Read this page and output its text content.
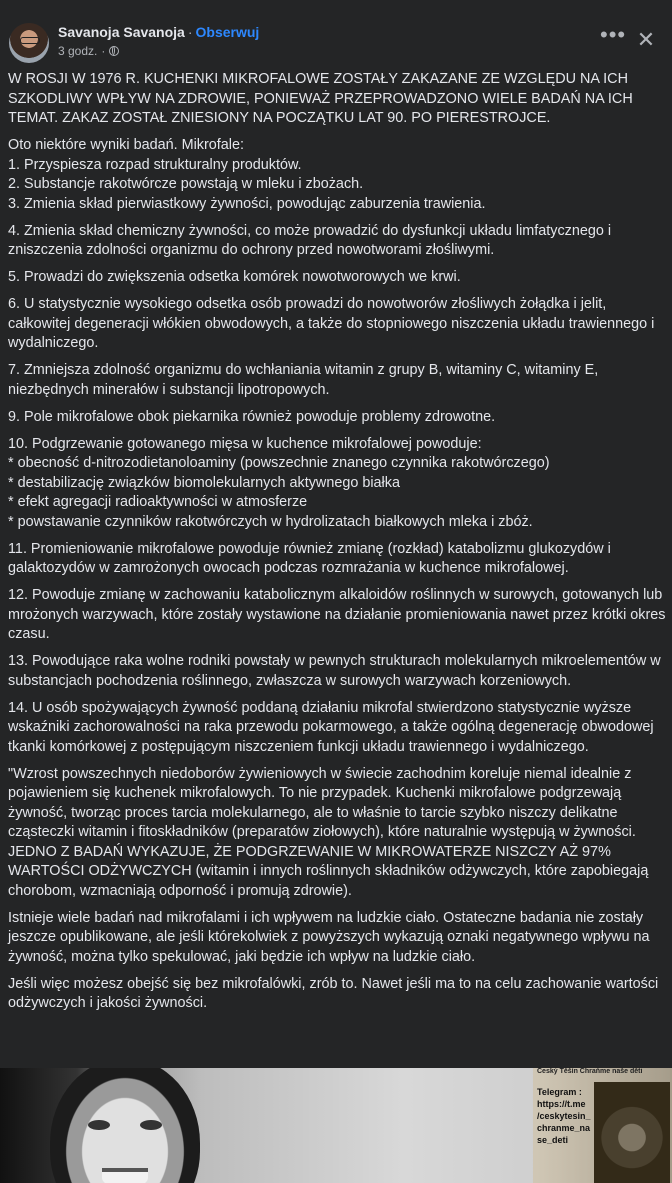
Savanoja Savanoja · Obserwuj
3 godz. ·
••• ✕

W ROSJI W 1976 R. KUCHENKI MIKROFALOWE ZOSTAŁY ZAKAZANE ZE WZGLĘDU NA ICH SZKODLIWY WPŁYW NA ZDROWIE, PONIEWAŻ PRZEPROWADZONO WIELE BADAŃ NA ICH TEMAT. ZAKAZ ZOSTAŁ ZNIESIONY NA POCZĄTKU LAT 90. PO PIERESTROJCE.

Oto niektóre wyniki badań. Mikrofale:

1. Przyspiesza rozpad strukturalny produktów.

2. Substancje rakotwórcze powstają w mleku i zbożach.

3. Zmienia skład pierwiastkowy żywności, powodując zaburzenia trawienia.

4. Zmienia skład chemiczny żywności, co może prowadzić do dysfunkcji układu limfatycznego i zniszczenia zdolności organizmu do ochrony przed nowotworami złośliwymi.

5. Prowadzi do zwiększenia odsetka komórek nowotworowych we krwi.

6. U statystycznie wysokiego odsetka osób prowadzi do nowotworów złośliwych żołądka i jelit, całkowitej degeneracji włókien obwodowych, a także do stopniowego niszczenia układu trawiennego i wydalniczego.

7. Zmniejsza zdolność organizmu do wchłaniania witamin z grupy B, witaminy C, witaminy E, niezbędnych minerałów i substancji lipotropowych.

9. Pole mikrofalowe obok piekarnika również powoduje problemy zdrowotne.

10. Podgrzewanie gotowanego mięsa w kuchence mikrofalowej powoduje:

* obecność d-nitrozodietanoloaminy (powszechnie znanego czynnika rakotwórczego)

* destabilizację związków biomolekularnych aktywnego białka

* efekt agregacji radioaktywności w atmosferze

* powstawanie czynników rakotwórczych w hydrolizatach białkowych mleka i zbóż.

11. Promieniowanie mikrofalowe powoduje również zmianę (rozkład) katabolizmu glukozydów i galaktozydów w zamrożonych owocach podczas rozmrażania w kuchence mikrofalowej.

12. Powoduje zmianę w zachowaniu katabolicznym alkaloidów roślinnych w surowych, gotowanych lub mrożonych warzywach, które zostały wystawione na działanie promieniowania nawet przez krótki okres czasu.

13. Powodujące raka wolne rodniki powstały w pewnych strukturach molekularnych mikroelementów w substancjach pochodzenia roślinnego, zwłaszcza w surowych warzywach korzeniowych.

14. U osób spożywających żywność poddaną działaniu mikrofal stwierdzono statystycznie wyższe wskaźniki zachorowalności na raka przewodu pokarmowego, a także ogólną degenerację obwodowej tkanki komórkowej z postępującym niszczeniem funkcji układu trawiennego i wydalniczego.

"Wzrost powszechnych niedoborów żywieniowych w świecie zachodnim koreluje niemal idealnie z pojawieniem się kuchenek mikrofalowych. To nie przypadek. Kuchenki mikrofalowe podgrzewają żywność, tworząc proces tarcia molekularnego, ale to właśnie to tarcie szybko niszczy delikatne cząsteczki witamin i fitoskładników (preparatów ziołowych), które naturalnie występują w żywności. JEDNO Z BADAŃ WYKAZUJE, ŻE PODGRZEWANIE W MIKROWATERZE NISZCZY AŻ 97% WARTOŚCI ODŻYWCZYCH (witamin i innych roślinnych składników odżywczych, które zapobiegają chorobom, wzmacniają odporność i promują zdrowie).

Istnieje wiele badań nad mikrofalami i ich wpływem na ludzkie ciało. Ostateczne badania nie zostały jeszcze opublikowane, ale jeśli którekolwiek z powyższych wykazują oznaki negatywnego wpływu na żywność, można tylko spekulować, jaki będzie ich wpływ na ludzkie ciało.

Jeśli więc możesz obejść się bez mikrofalówki, zrób to. Nawet jeśli ma to na celu zachowanie wartości odżywczych i jakości żywności.

Český Těšín Chraňme naše děti
Telegram :
https://t.me
/ceskytesin_
chranme_na
se_deti
